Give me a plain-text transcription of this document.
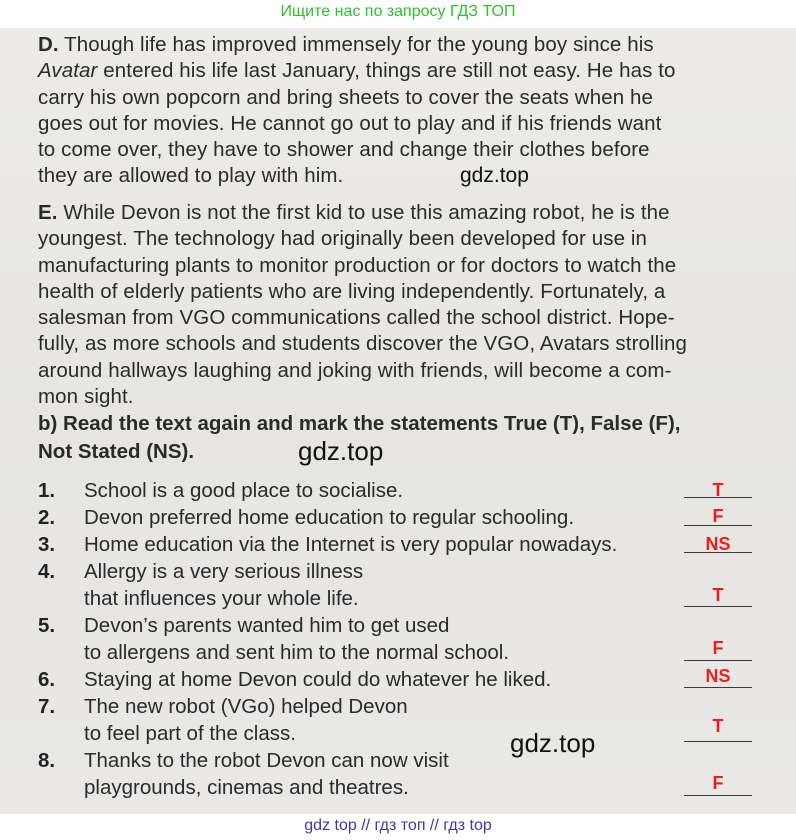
Ищите нас по запросу ГДЗ ТОП
D. Though life has improved immensely for the young boy since his
Avatar entered his life last January, things are still not easy. He has to
carry his own popcorn and bring sheets to cover the seats when he
goes out for movies. He cannot go out to play and if his friends want
to come over, they have to shower and change their clothes before
they are allowed to play with him.
E. While Devon is not the first kid to use this amazing robot, he is the
youngest. The technology had originally been developed for use in
manufacturing plants to monitor production or for doctors to watch the
health of elderly patients who are living independently. Fortunately, a
salesman from VGO communications called the school district. Hope-
fully, as more schools and students discover the VGO, Avatars strolling
around hallways laughing and joking with friends, will become a com-
mon sight.
b) Read the text again and mark the statements True (T), False (F),
Not Stated (NS).
1. School is a good place to socialise.	T
2. Devon preferred home education to regular schooling.	F
3. Home education via the Internet is very popular nowadays.	NS
4. Allergy is a very serious illness
that influences your whole life.	T
5. Devon’s parents wanted him to get used
to allergens and sent him to the normal school.	F
6. Staying at home Devon could do whatever he liked.	NS
7. The new robot (VGo) helped Devon
to feel part of the class.	T
8. Thanks to the robot Devon can now visit
playgrounds, cinemas and theatres.	F
gdz.top
gdz.top
gdz.top
gdz top // гдз топ // гдз top
